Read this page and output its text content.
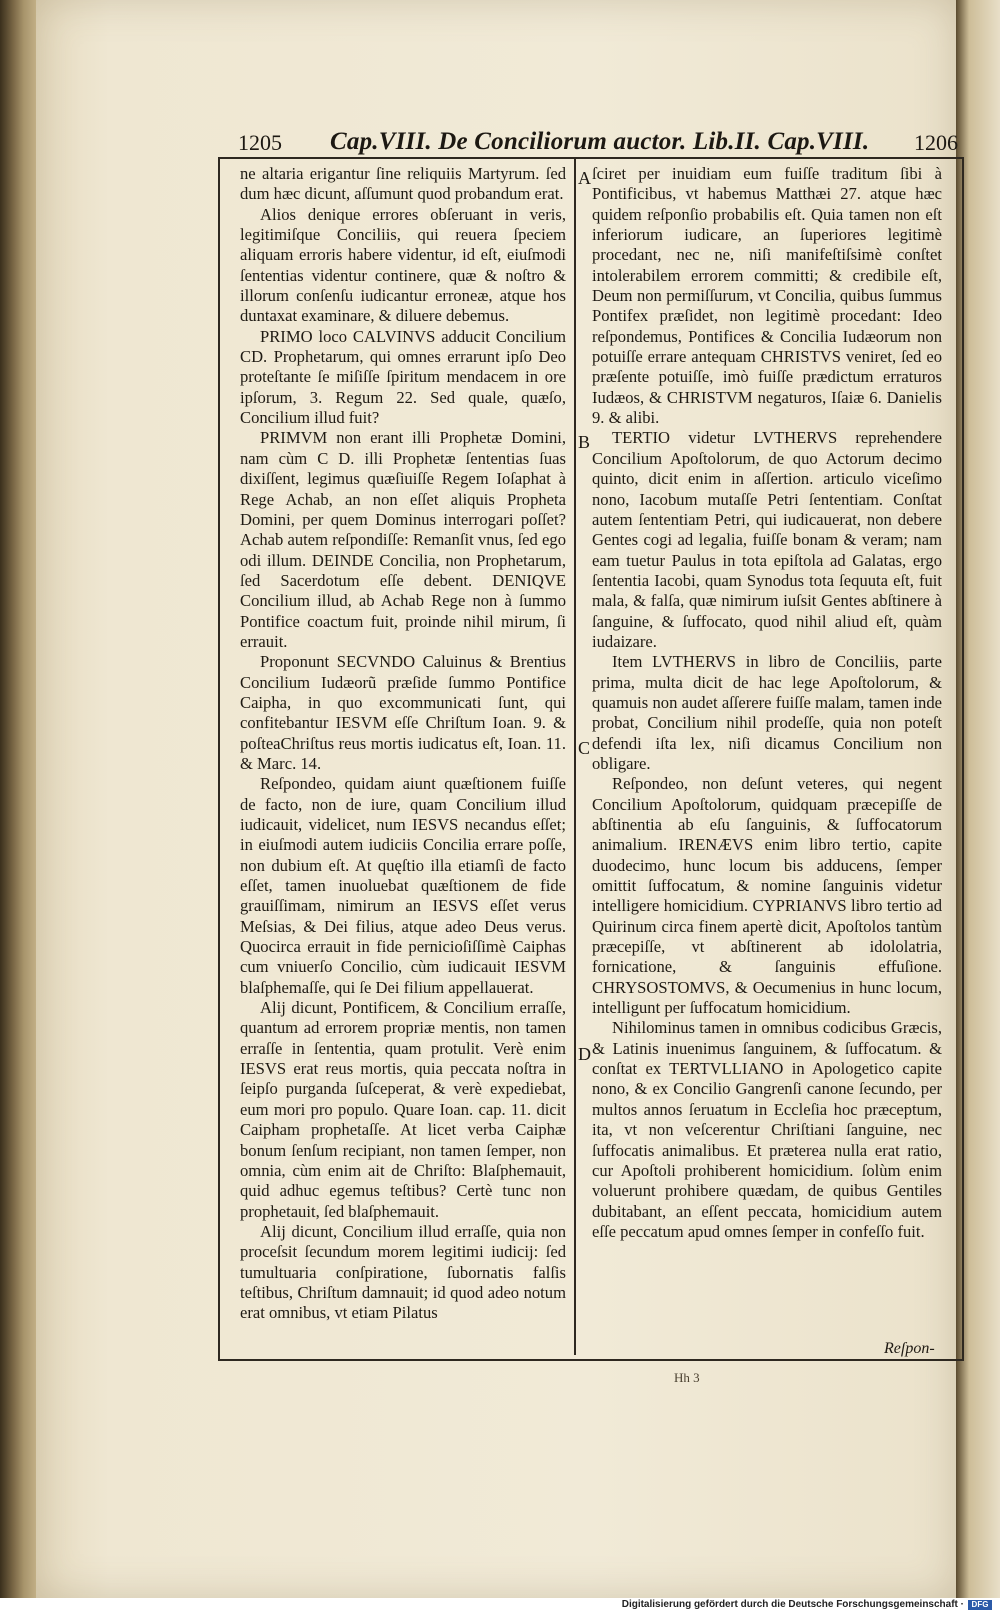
1205 Cap.VIII. De Conciliorum auctor. Lib.II. Cap.VIII. 1206
A
B
C
D

ne altaria erigantur ſine reliquiis Martyrum. ſed dum hæc dicunt, aſſumunt quod probandum erat.

Alios denique errores obſeruant in veris, legitimiſque Conciliis, qui reuera ſpeciem aliquam erroris habere videntur, id eſt, eiuſmodi ſententias videntur continere, quæ & noſtro & illorum conſenſu iudicantur erroneæ, atque hos duntaxat examinare, & diluere debemus.

PRIMO loco CALVINVS adducit Concilium CD. Prophetarum, qui omnes errarunt ipſo Deo proteſtante ſe miſiſſe ſpiritum mendacem in ore ipſorum, 3. Regum 22. Sed quale, quæſo, Concilium illud fuit?

PRIMVM non erant illi Prophetæ Domini, nam cùm C D. illi Prophetæ ſententias ſuas dixiſſent, legimus quæſiuiſſe Regem Ioſaphat à Rege Achab, an non eſſet aliquis Propheta Domini, per quem Dominus interrogari poſſet? Achab autem reſpondiſſe: Remanſit vnus, ſed ego odi illum. DEINDE Concilia, non Prophetarum, ſed Sacerdotum eſſe debent. DENIQVE Concilium illud, ab Achab Rege non à ſummo Pontifice coactum fuit, proinde nihil mirum, ſi errauit.

Proponunt SECVNDO Caluinus & Brentius Concilium Iudæorũ præſide ſummo Pontifice Caipha, in quo excommunicati ſunt, qui confitebantur IESVM eſſe Chriſtum Ioan. 9. & poſteaChriſtus reus mortis iudicatus eſt, Ioan. 11. & Marc. 14.

Reſpondeo, quidam aiunt quæſtionem fuiſſe de facto, non de iure, quam Concilium illud iudicauit, videlicet, num IESVS necandus eſſet; in eiuſmodi autem iudiciis Concilia errare poſſe, non dubium eſt. At quęſtio illa etiamſi de facto eſſet, tamen inuoluebat quæſtionem de fide grauiſſimam, nimirum an IESVS eſſet verus Meſsias, & Dei filius, atque adeo Deus verus. Quocirca errauit in fide pernicioſiſſimè Caiphas cum vniuerſo Concilio, cùm iudicauit IESVM blaſphemaſſe, qui ſe Dei filium appellauerat.

Alij dicunt, Pontificem, & Concilium erraſſe, quantum ad errorem propriæ mentis, non tamen erraſſe in ſententia, quam protulit. Verè enim IESVS erat reus mortis, quia peccata noſtra in ſeipſo purganda ſuſceperat, & verè expediebat, eum mori pro populo. Quare Ioan. cap. 11. dicit Caipham prophetaſſe. At licet verba Caiphæ bonum ſenſum recipiant, non tamen ſemper, non omnia, cùm enim ait de Chriſto: Blaſphemauit, quid adhuc egemus teſtibus? Certè tunc non prophetauit, ſed blaſphemauit.

Alij dicunt, Concilium illud erraſſe, quia non proceſsit ſecundum morem legitimi iudicij: ſed tumultuaria conſpiratione, ſubornatis falſis teſtibus, Chriſtum damnauit; id quod adeo notum erat omnibus, vt etiam Pilatus

ſciret per inuidiam eum fuiſſe traditum ſibi à Pontificibus, vt habemus Matthæi 27. atque hæc quidem reſponſio probabilis eſt. Quia tamen non eſt inferiorum iudicare, an ſuperiores legitimè procedant, nec ne, niſi manifeſtiſsimè conſtet intolerabilem errorem committi; & credibile eſt, Deum non permiſſurum, vt Concilia, quibus ſummus Pontifex præſidet, non legitimè procedant: Ideo reſpondemus, Pontifices & Concilia Iudæorum non potuiſſe errare antequam CHRISTVS veniret, ſed eo præſente potuiſſe, imò fuiſſe prædictum erraturos Iudæos, & CHRISTVM negaturos, Iſaiæ 6. Danielis 9. & alibi.

TERTIO videtur LVTHERVS reprehendere Concilium Apoſtolorum, de quo Actorum decimo quinto, dicit enim in aſſertion. articulo viceſimo nono, Iacobum mutaſſe Petri ſententiam. Conſtat autem ſententiam Petri, qui iudicauerat, non debere Gentes cogi ad legalia, fuiſſe bonam & veram; nam eam tuetur Paulus in tota epiſtola ad Galatas, ergo ſententia Iacobi, quam Synodus tota ſequuta eſt, fuit mala, & falſa, quæ nimirum iuſsit Gentes abſtinere à ſanguine, & ſuffocato, quod nihil aliud eſt, quàm iudaizare.

Item LVTHERVS in libro de Conciliis, parte prima, multa dicit de hac lege Apoſtolorum, & quamuis non audet aſſerere fuiſſe malam, tamen inde probat, Concilium nihil prodeſſe, quia non poteſt defendi iſta lex, niſi dicamus Concilium non obligare.

Reſpondeo, non deſunt veteres, qui negent Concilium Apoſtolorum, quidquam præcepiſſe de abſtinentia ab eſu ſanguinis, & ſuffocatorum animalium. IRENÆVS enim libro tertio, capite duodecimo, hunc locum bis adducens, ſemper omittit ſuffocatum, & nomine ſanguinis videtur intelligere homicidium. CYPRIANVS libro tertio ad Quirinum circa finem apertè dicit, Apoſtolos tantùm præcepiſſe, vt abſtinerent ab idololatria, fornicatione, & ſanguinis effuſione. CHRYSOSTOMVS, & Oecumenius in hunc locum, intelligunt per ſuffocatum homicidium.

Nihilominus tamen in omnibus codicibus Græcis, & Latinis inuenimus ſanguinem, & ſuffocatum. & conſtat ex TERTVLLIANO in Apologetico capite nono, & ex Concilio Gangrenſi canone ſecundo, per multos annos ſeruatum in Eccleſia hoc præceptum, ita, vt non veſcerentur Chriſtiani ſanguine, nec ſuffocatis animalibus. Et præterea nulla erat ratio, cur Apoſtoli prohiberent homicidium. ſolùm enim voluerunt prohibere quædam, de quibus Gentiles dubitabant, an eſſent peccata, homicidium autem eſſe peccatum apud omnes ſemper in confeſſo fuit.

Reſpon-
Hh 3
Digitalisierung gefördert durch die Deutsche Forschungsgemeinschaft · DFG
